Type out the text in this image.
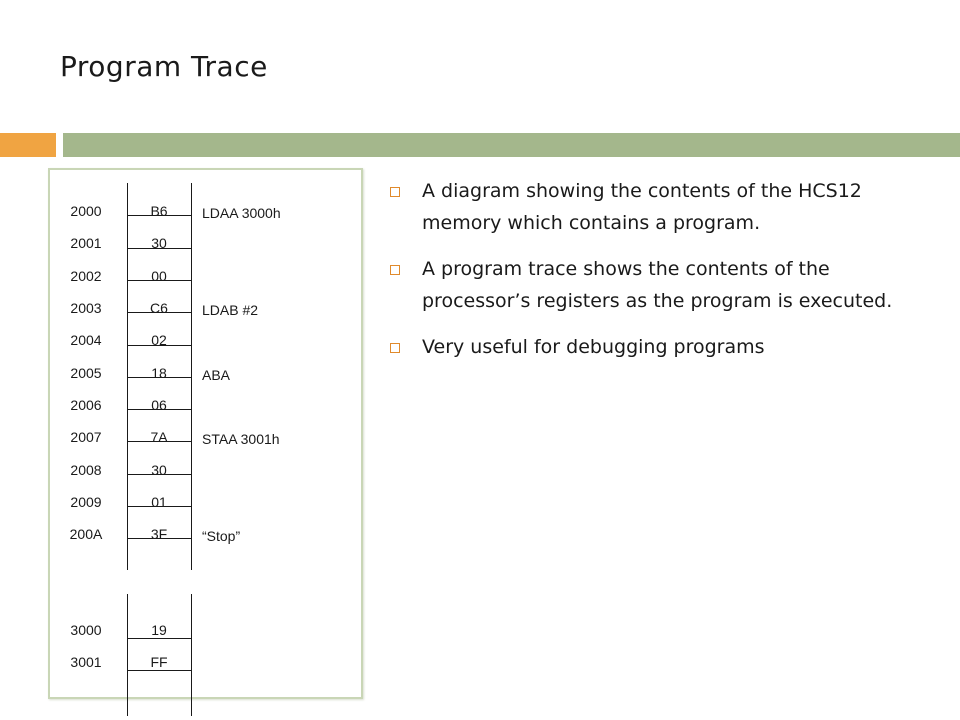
Program Trace
2000	B6	LDAA 3000h
2001	30
2002	00
2003	C6	LDAB #2
2004	02
2005	18	ABA
2006	06
2007	7A	STAA 3001h
2008	30
2009	01
200A	3F	“Stop”
3000	19
3001	FF
A diagram showing the contents of the HCS12 memory which contains a program.
A program trace shows the contents of the processor’s registers as the program is executed.
Very useful for debugging programs
